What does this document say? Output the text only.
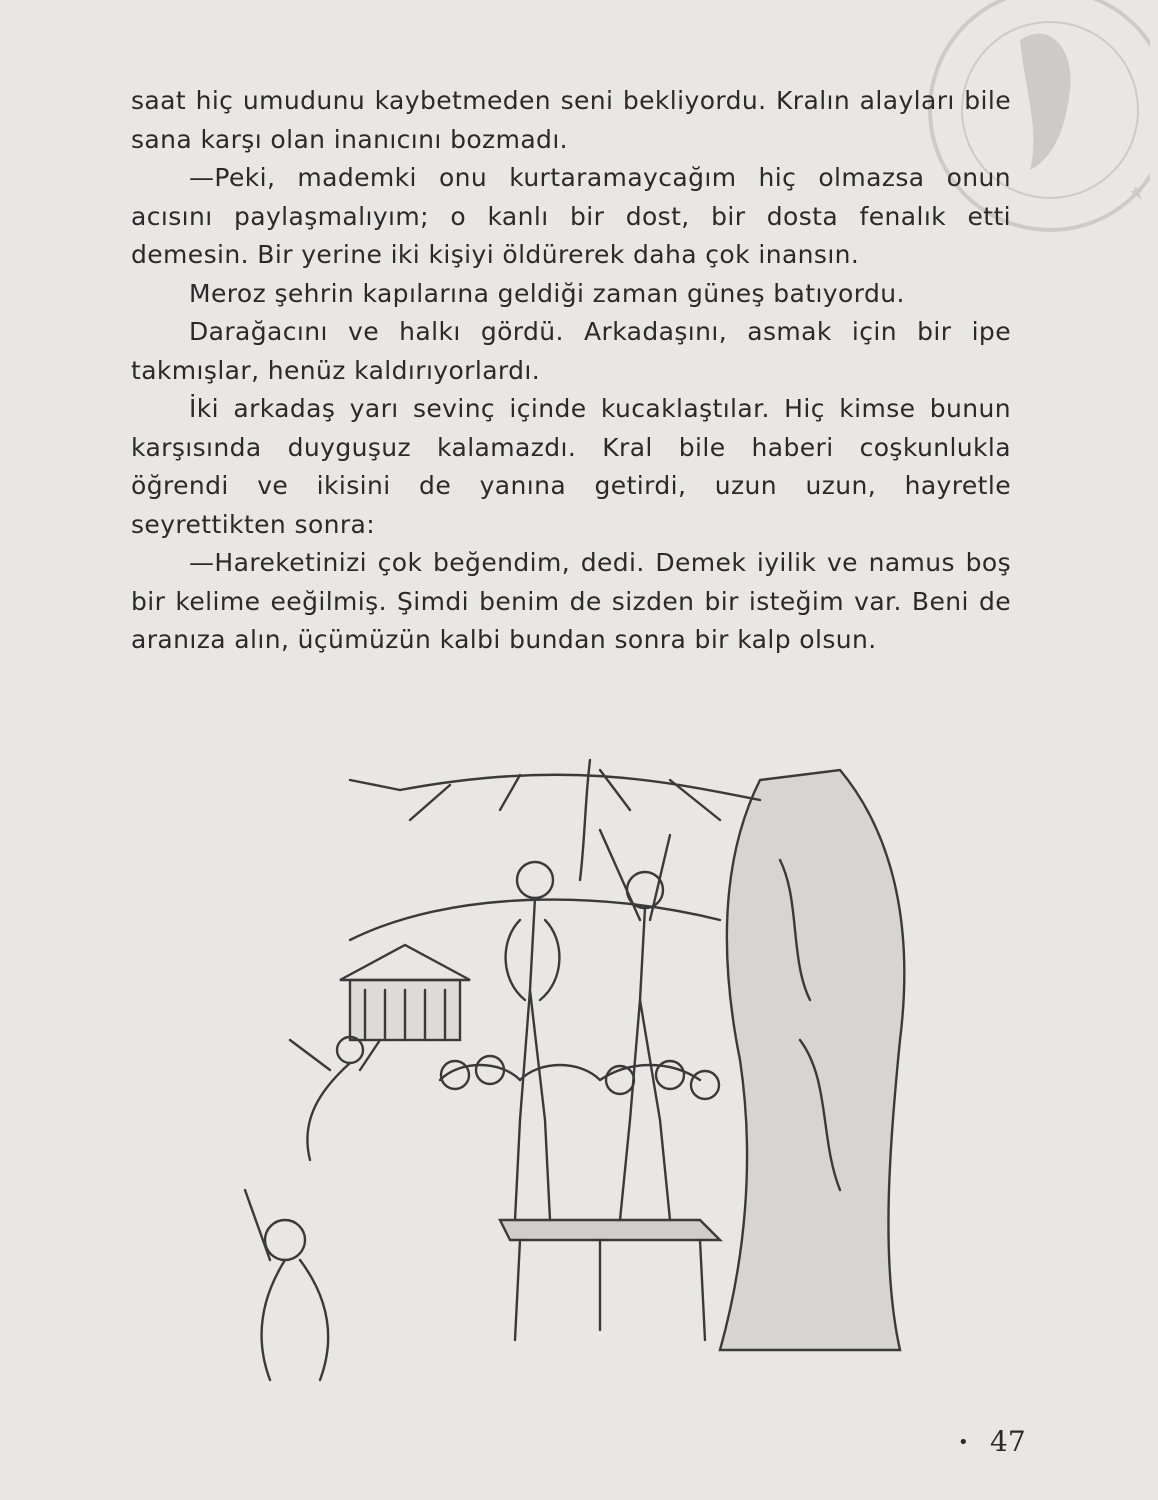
saat hiç umudunu kaybetmeden seni bekliyordu. Kralın alayları bile sana karşı olan inanıcını bozmadı.

—Peki, mademki onu kurtaramaycağım hiç olmazsa onun acısını paylaşmalıyım; o kanlı bir dost, bir dosta fenalık etti demesin. Bir yerine iki kişiyi öldürerek daha çok inansın.

Meroz şehrin kapılarına geldiği zaman güneş batıyordu.

Darağacını ve halkı gördü. Arkadaşını, asmak için bir ipe takmışlar, henüz kaldırıyorlardı.

İki arkadaş yarı sevinç içinde kucaklaştılar. Hiç kimse bunun karşısında duyguşuz kalamazdı. Kral bile haberi coşkunlukla öğrendi ve ikisini de yanına getirdi, uzun uzun, hayretle seyrettikten sonra:

—Hareketinizi çok beğendim, dedi. Demek iyilik ve namus boş bir kelime eeğilmiş. Şimdi benim de sizden bir isteğim var. Beni de aranıza alın, üçümüzün kalbi bundan sonra bir kalp olsun.

• 47
